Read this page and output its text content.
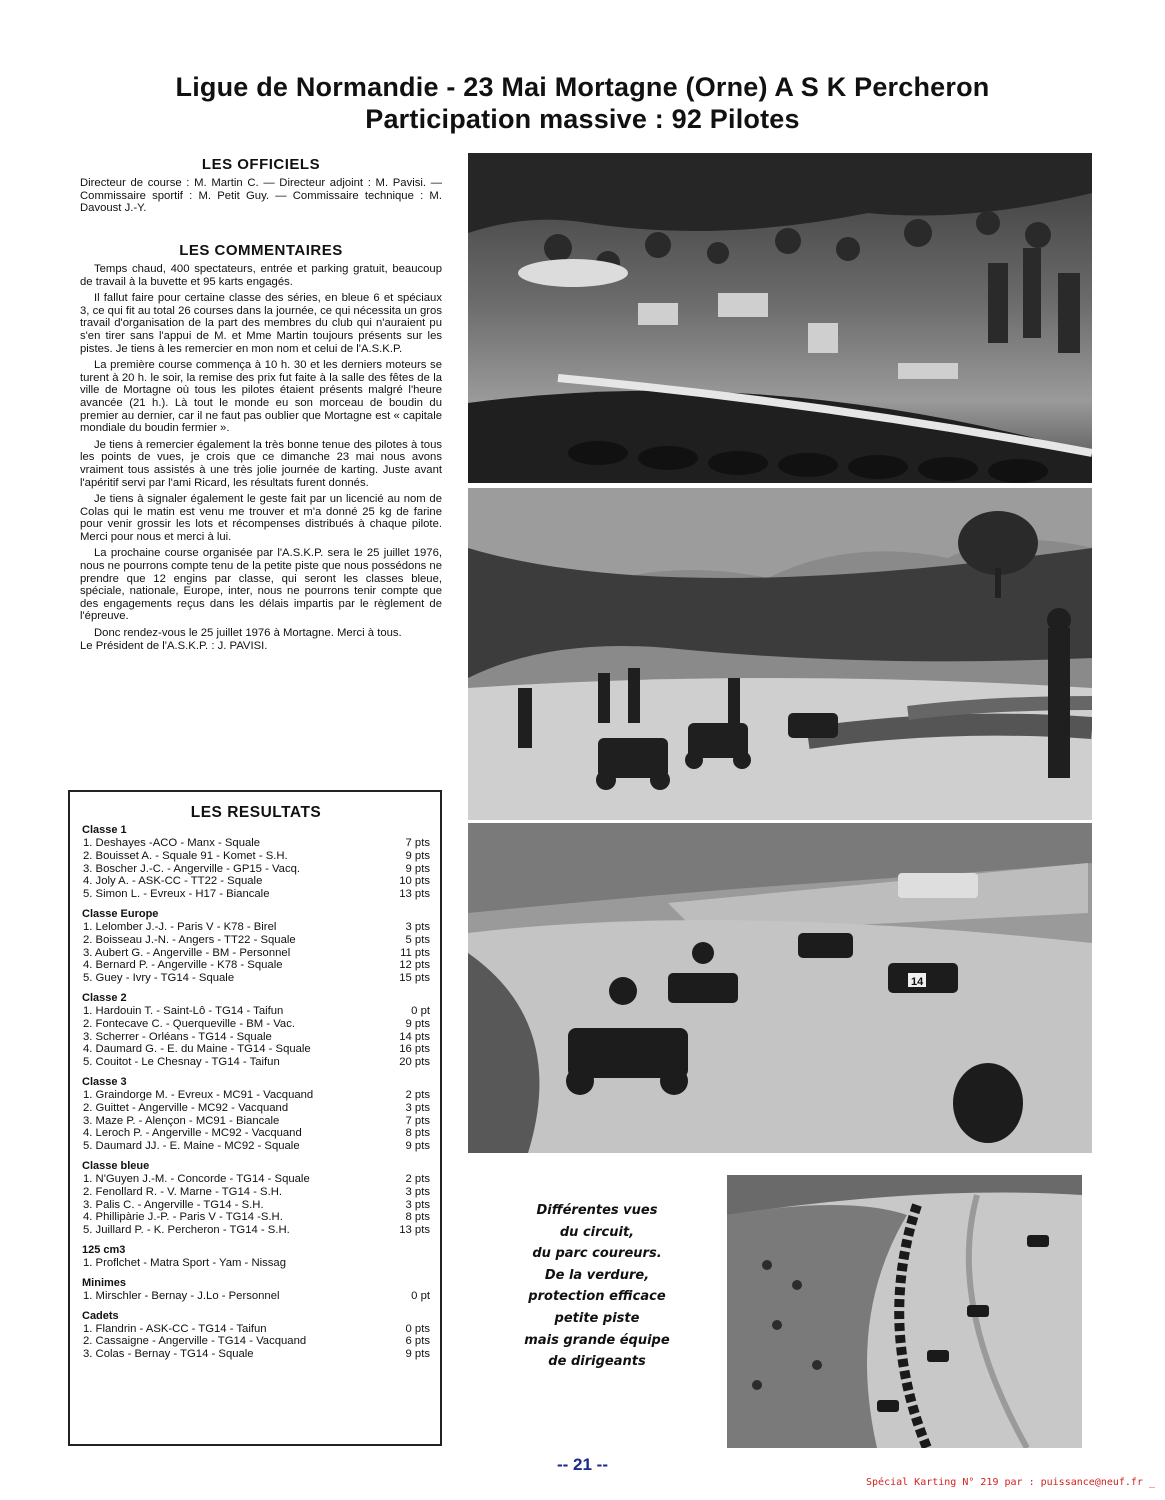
Ligue de Normandie - 23 Mai Mortagne (Orne) A S K Percheron
Participation massive : 92 Pilotes
LES OFFICIELS

Directeur de course : M. Martin C. — Directeur adjoint : M. Pavisi. — Commissaire sportif : M. Petit Guy. — Commissaire technique : M. Davoust J.-Y.

LES COMMENTAIRES

Temps chaud, 400 spectateurs, entrée et parking gratuit, beaucoup de travail à la buvette et 95 karts engagés.

Il fallut faire pour certaine classe des séries, en bleue 6 et spéciaux 3, ce qui fit au total 26 courses dans la journée, ce qui nécessita un gros travail d'organisation de la part des membres du club qui n'auraient pu s'en tirer sans l'appui de M. et Mme Martin toujours présents sur les pistes. Je tiens à les remercier en mon nom et celui de l'A.S.K.P.

La première course commença à 10 h. 30 et les derniers moteurs se turent à 20 h. le soir, la remise des prix fut faite à la salle des fêtes de la ville de Mortagne où tous les pilotes étaient présents malgré l'heure avancée (21 h.). Là tout le monde eu son morceau de boudin du premier au dernier, car il ne faut pas oublier que Mortagne est « capitale mondiale du boudin fermier ».

Je tiens à remercier également la très bonne tenue des pilotes à tous les points de vues, je crois que ce dimanche 23 mai nous avons vraiment tous assistés à une très jolie journée de karting. Juste avant l'apéritif servi par l'ami Ricard, les résultats furent donnés.

Je tiens à signaler également le geste fait par un licencié au nom de Colas qui le matin est venu me trouver et m'a donné 25 kg de farine pour venir grossir les lots et récompenses distribués à chaque pilote. Merci pour nous et merci à lui.

La prochaine course organisée par l'A.S.K.P. sera le 25 juillet 1976, nous ne pourrons compte tenu de la petite piste que nous possédons ne prendre que 12 engins par classe, qui seront les classes bleue, spéciale, nationale, Europe, inter, nous ne pourrons tenir compte que des engagements reçus dans les délais impartis par le règlement de l'épreuve.

Donc rendez-vous le 25 juillet 1976 à Mortagne. Merci à tous.

Le Président de l'A.S.K.P. : J. PAVISI.

LES RESULTATS
Classe 1
1. Deshayes -ACO - Manx - Squale	7 pts
2. Bouisset A. - Squale 91 - Komet - S.H.	9 pts
3. Boscher J.-C. - Angerville - GP15 - Vacq.	9 pts
4. Joly A. - ASK-CC - TT22 - Squale	10 pts
5. Simon L. - Evreux - H17 - Biancale	13 pts
Classe Europe
1. Lelomber J.-J. - Paris V - K78 - Birel	3 pts
2. Boisseau J.-N. - Angers - TT22 - Squale	5 pts
3. Aubert G. - Angerville - BM - Personnel	11 pts
4. Bernard P. - Angerville - K78 - Squale	12 pts
5. Guey - Ivry - TG14 - Squale	15 pts
Classe 2
1. Hardouin T. - Saint-Lô - TG14 - Taifun	0 pt
2. Fontecave C. - Querqueville - BM - Vac.	9 pts
3. Scherrer - Orléans - TG14 - Squale	14 pts
4. Daumard G. - E. du Maine - TG14 - Squale	16 pts
5. Couitot - Le Chesnay - TG14 - Taifun	20 pts
Classe 3
1. Graindorge M. - Evreux - MC91 - Vacquand	2 pts
2. Guittet - Angerville - MC92 - Vacquand	3 pts
3. Maze P. - Alençon - MC91 - Biancale	7 pts
4. Leroch P. - Angerville - MC92 - Vacquand	8 pts
5. Daumard JJ. - E. Maine - MC92 - Squale	9 pts
Classe bleue
1. N'Guyen J.-M. - Concorde - TG14 - Squale	2 pts
2. Fenollard R. - V. Marne - TG14 - S.H.	3 pts
3. Palis C. - Angerville - TG14 - S.H.	3 pts
4. Phillipàrie J.-P. - Paris V - TG14 -S.H.	8 pts
5. Juillard P. - K. Percheron - TG14 - S.H.	13 pts
125 cm3
1. Proflchet - Matra Sport - Yam - Nissag
Minimes
1. Mirschler - Bernay - J.Lo - Personnel	0 pt
Cadets
1. Flandrin - ASK-CC - TG14 - Taifun	0 pts
2. Cassaigne - Angerville - TG14 - Vacquand	6 pts
3. Colas - Bernay - TG14 - Squale	9 pts
14
Différentes vues
du circuit,
du parc coureurs.
De la verdure,
protection efficace
petite piste
mais grande équipe
de dirigeants
-- 21 --
Spécial Karting N° 219 par : puissance@neuf.fr _
